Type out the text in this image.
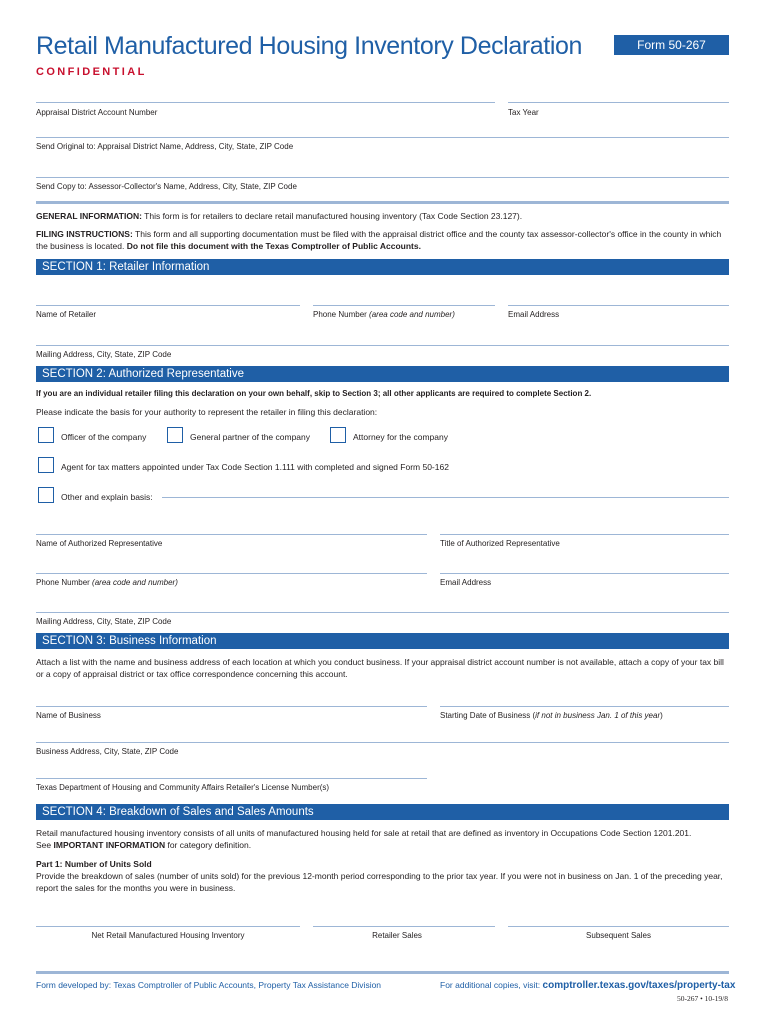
Retail Manufactured Housing Inventory Declaration	Form 50-267
CONFIDENTIAL
Appraisal District Account Number	Tax Year
Send Original to: Appraisal District Name, Address, City, State, ZIP Code
Send Copy to: Assessor-Collector's Name, Address, City, State, ZIP Code
GENERAL INFORMATION: This form is for retailers to declare retail manufactured housing inventory (Tax Code Section 23.127).
FILING INSTRUCTIONS: This form and all supporting documentation must be filed with the appraisal district office and the county tax assessor-collector's office in the county in which the business is located. Do not file this document with the Texas Comptroller of Public Accounts.
SECTION 1: Retailer Information
Name of Retailer	Phone Number (area code and number)	Email Address
Mailing Address, City, State, ZIP Code
SECTION 2: Authorized Representative
If you are an individual retailer filing this declaration on your own behalf, skip to Section 3; all other applicants are required to complete Section 2.
Please indicate the basis for your authority to represent the retailer in filing this declaration:
Officer of the company	General partner of the company	Attorney for the company
Agent for tax matters appointed under Tax Code Section 1.111 with completed and signed Form 50-162
Other and explain basis:
Name of Authorized Representative	Title of Authorized Representative
Phone Number (area code and number)	Email Address
Mailing Address, City, State, ZIP Code
SECTION 3: Business Information
Attach a list with the name and business address of each location at which you conduct business. If your appraisal district account number is not available, attach a copy of your tax bill or a copy of appraisal district or tax office correspondence concerning this account.
Name of Business	Starting Date of Business (if not in business Jan. 1 of this year)
Business Address, City, State, ZIP Code
Texas Department of Housing and Community Affairs Retailer's License Number(s)
SECTION 4: Breakdown of Sales and Sales Amounts
Retail manufactured housing inventory consists of all units of manufactured housing held for sale at retail that are defined as inventory in Occupations Code Section 1201.201.
See IMPORTANT INFORMATION for category definition.
Part 1: Number of Units Sold
Provide the breakdown of sales (number of units sold) for the previous 12-month period corresponding to the prior tax year. If you were not in business on Jan. 1 of the preceding year, report the sales for the months you were in business.
Net Retail Manufactured Housing Inventory	Retailer Sales	Subsequent Sales
Form developed by: Texas Comptroller of Public Accounts, Property Tax Assistance Division	For additional copies, visit: comptroller.texas.gov/taxes/property-tax
50-267 • 10-19/8
